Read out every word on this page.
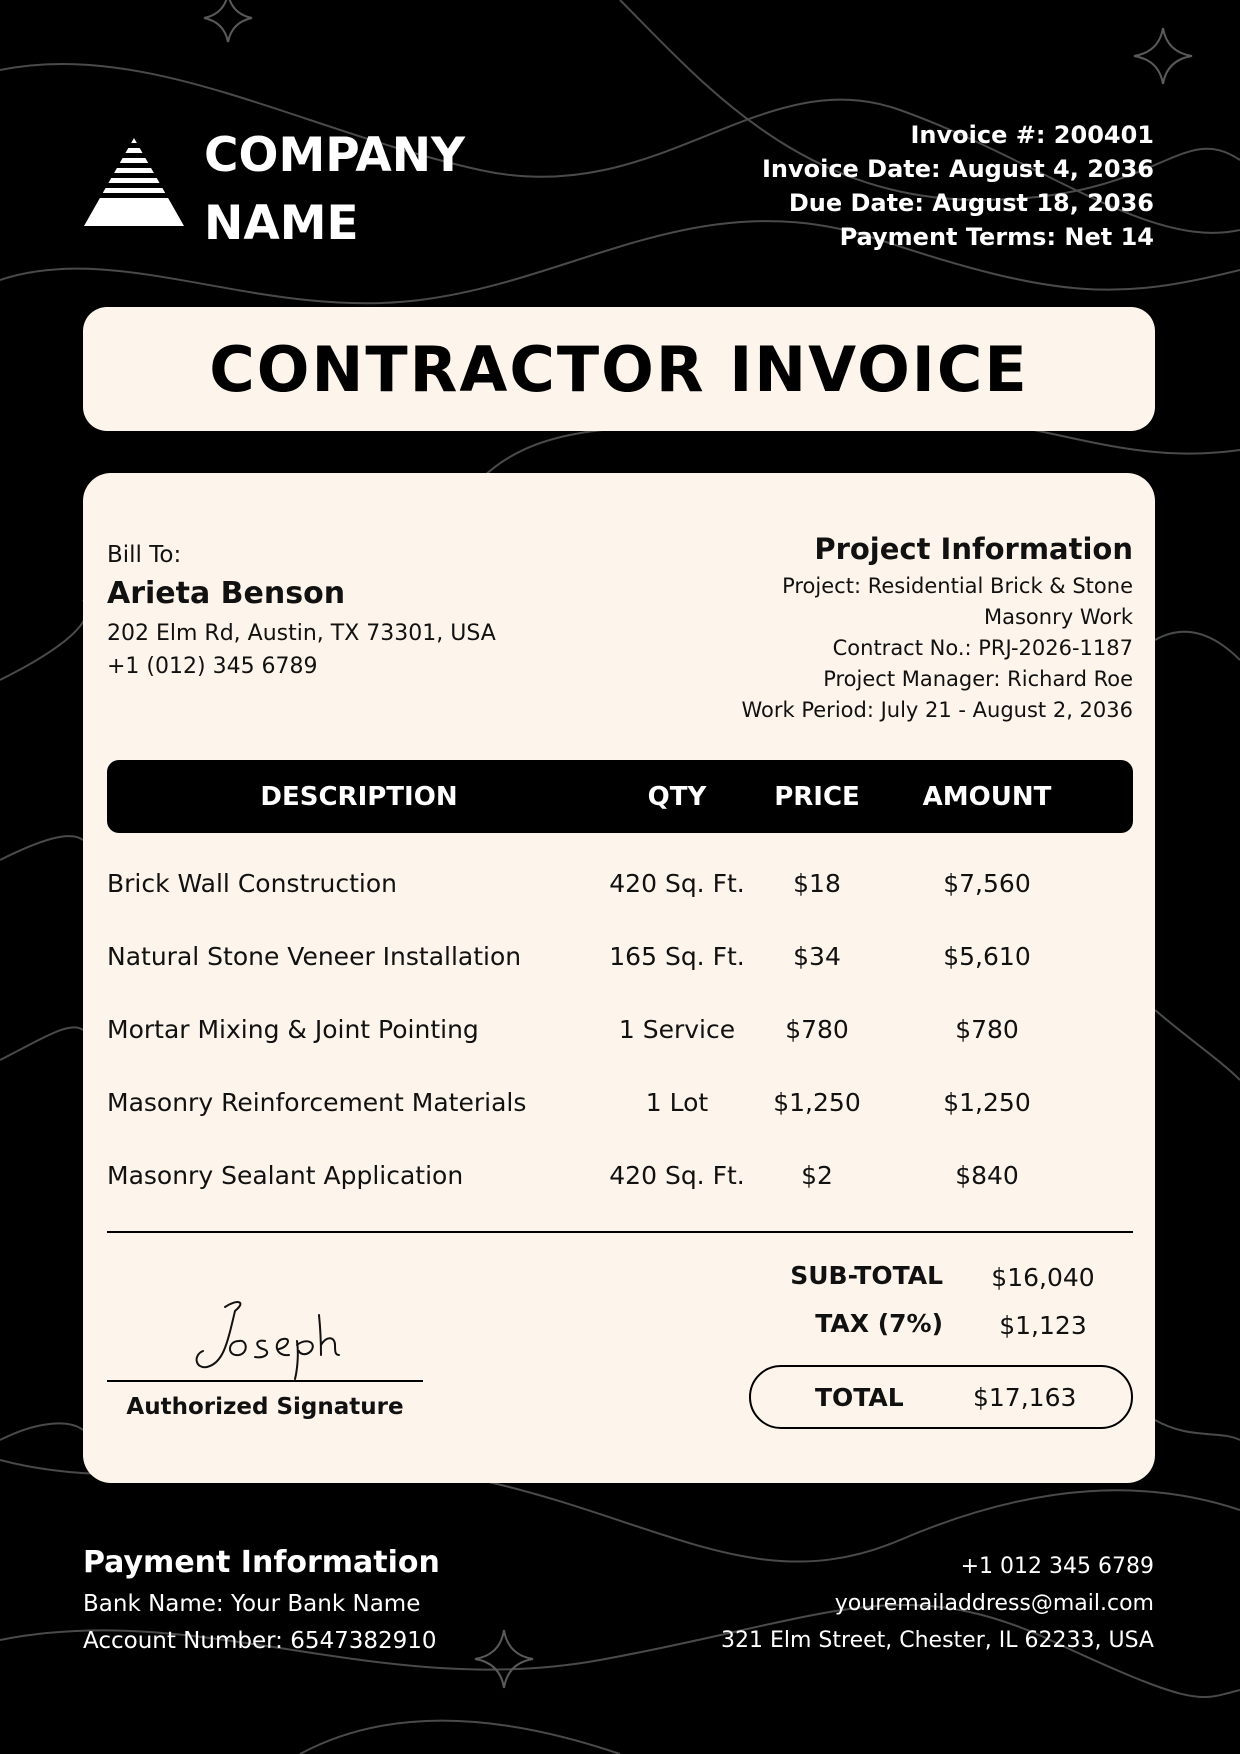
COMPANY
NAME
Invoice #: 200401
Invoice Date: August 4, 2036
Due Date: August 18, 2036
Payment Terms: Net 14
CONTRACTOR INVOICE
Bill To:
Arieta Benson
202 Elm Rd, Austin, TX 73301, USA
+1 (012) 345 6789
Project Information
Project: Residential Brick & Stone
Masonry Work
Contract No.: PRJ-2026-1187
Project Manager: Richard Roe
Work Period: July 21 - August 2, 2036
DESCRIPTION	QTY	PRICE	AMOUNT
Brick Wall Construction	420 Sq. Ft.	$18	$7,560
Natural Stone Veneer Installation	165 Sq. Ft.	$34	$5,610
Mortar Mixing & Joint Pointing	1 Service	$780	$780
Masonry Reinforcement Materials	1 Lot	$1,250	$1,250
Masonry Sealant Application	420 Sq. Ft.	$2	$840
Authorized Signature
SUB-TOTAL	$16,040
TAX (7%)	$1,123
TOTAL	$17,163
Payment Information
Bank Name: Your Bank Name
Account Number: 6547382910
+1 012 345 6789
youremailaddress@mail.com
321 Elm Street, Chester, IL 62233, USA
